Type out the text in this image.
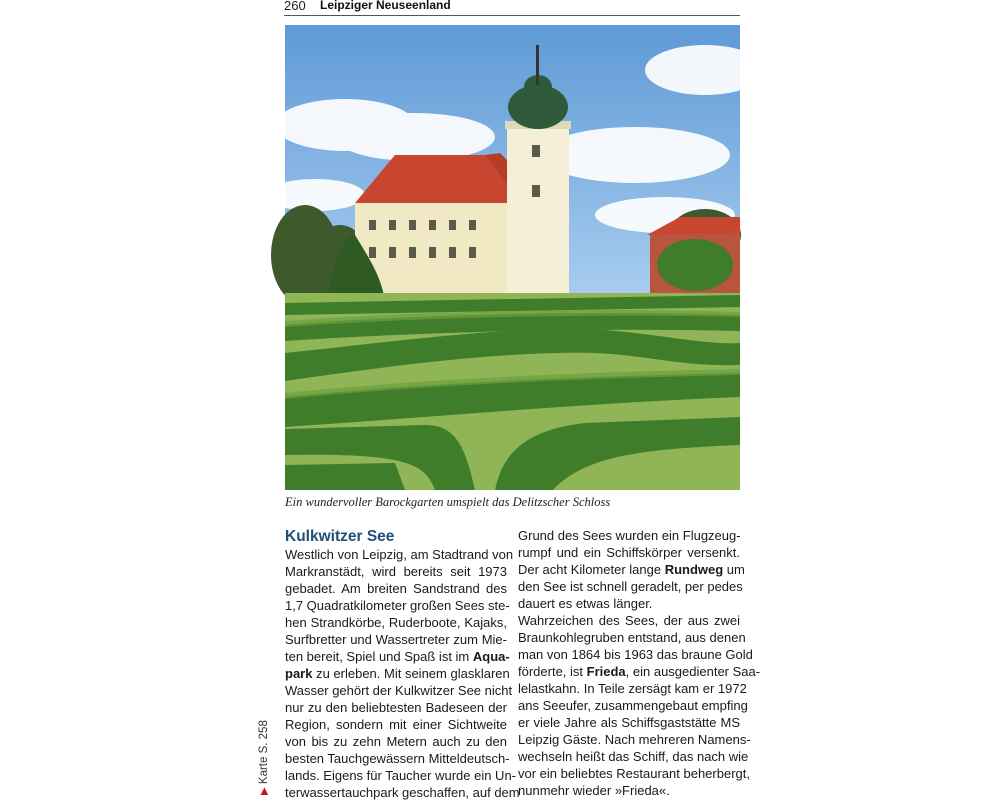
260 Leipziger Neuseenland
Ein wundervoller Barockgarten umspielt das Delitzscher Schloss
Kulkwitzer See
Westlich von Leipzig, am Stadtrand von
Markranstädt, wird bereits seit 1973
gebadet. Am breiten Sandstrand des
1,7 Quadratkilometer großen Sees ste-
hen Strandkörbe, Ruderboote, Kajaks,
Surfbretter und Wassertreter zum Mie-
ten bereit, Spiel und Spaß ist im Aqua-
park zu erleben. Mit seinem glasklaren
Wasser gehört der Kulkwitzer See nicht
nur zu den beliebtesten Badeseen der
Region, sondern mit einer Sichtweite
von bis zu zehn Metern auch zu den
besten Tauchgewässern Mitteldeutsch-
lands. Eigens für Taucher wurde ein Un-
terwassertauchpark geschaffen, auf dem
Grund des Sees wurden ein Flugzeug-
rumpf und ein Schiffskörper versenkt.
Der acht Kilometer lange Rundweg um
den See ist schnell geradelt, per pedes
dauert es etwas länger.
Wahrzeichen des Sees, der aus zwei
Braunkohlegruben entstand, aus denen
man von 1864 bis 1963 das braune Gold
förderte, ist Frieda, ein ausgedienter Saa-
lelastkahn. In Teile zersägt kam er 1972
ans Seeufer, zusammengebaut empfing
er viele Jahre als Schiffsgaststätte MS
Leipzig Gäste. Nach mehreren Namens-
wechseln heißt das Schiff, das nach wie
vor ein beliebtes Restaurant beherbergt,
nunmehr wieder »Frieda«.
▶ Karte S. 258
